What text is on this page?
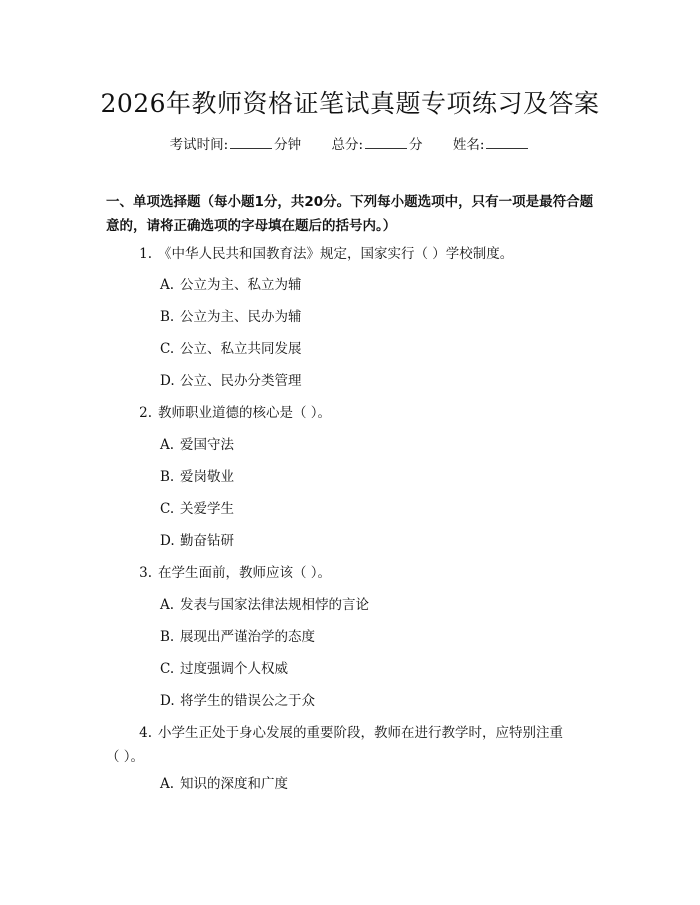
2026年教师资格证笔试真题专项练习及答案
考试时间:	分钟 总分:	分 姓名:

一、单项选择题（每小题1分，共20分。下列每小题选项中，只有一项是最符合题意的，请将正确选项的字母填在题后的括号内。）

1. 《中华人民共和国教育法》规定，国家实行（ ）学校制度。
A. 公立为主、私立为辅
B. 公立为主、民办为辅
C. 公立、私立共同发展
D. 公立、民办分类管理
2. 教师职业道德的核心是（ ）。
A. 爱国守法
B. 爱岗敬业
C. 关爱学生
D. 勤奋钻研
3. 在学生面前，教师应该（ ）。
A. 发表与国家法律法规相悖的言论
B. 展现出严谨治学的态度
C. 过度强调个人权威
D. 将学生的错误公之于众
4. 小学生正处于身心发展的重要阶段，教师在进行教学时，应特别注重（ ）。
A. 知识的深度和广度
